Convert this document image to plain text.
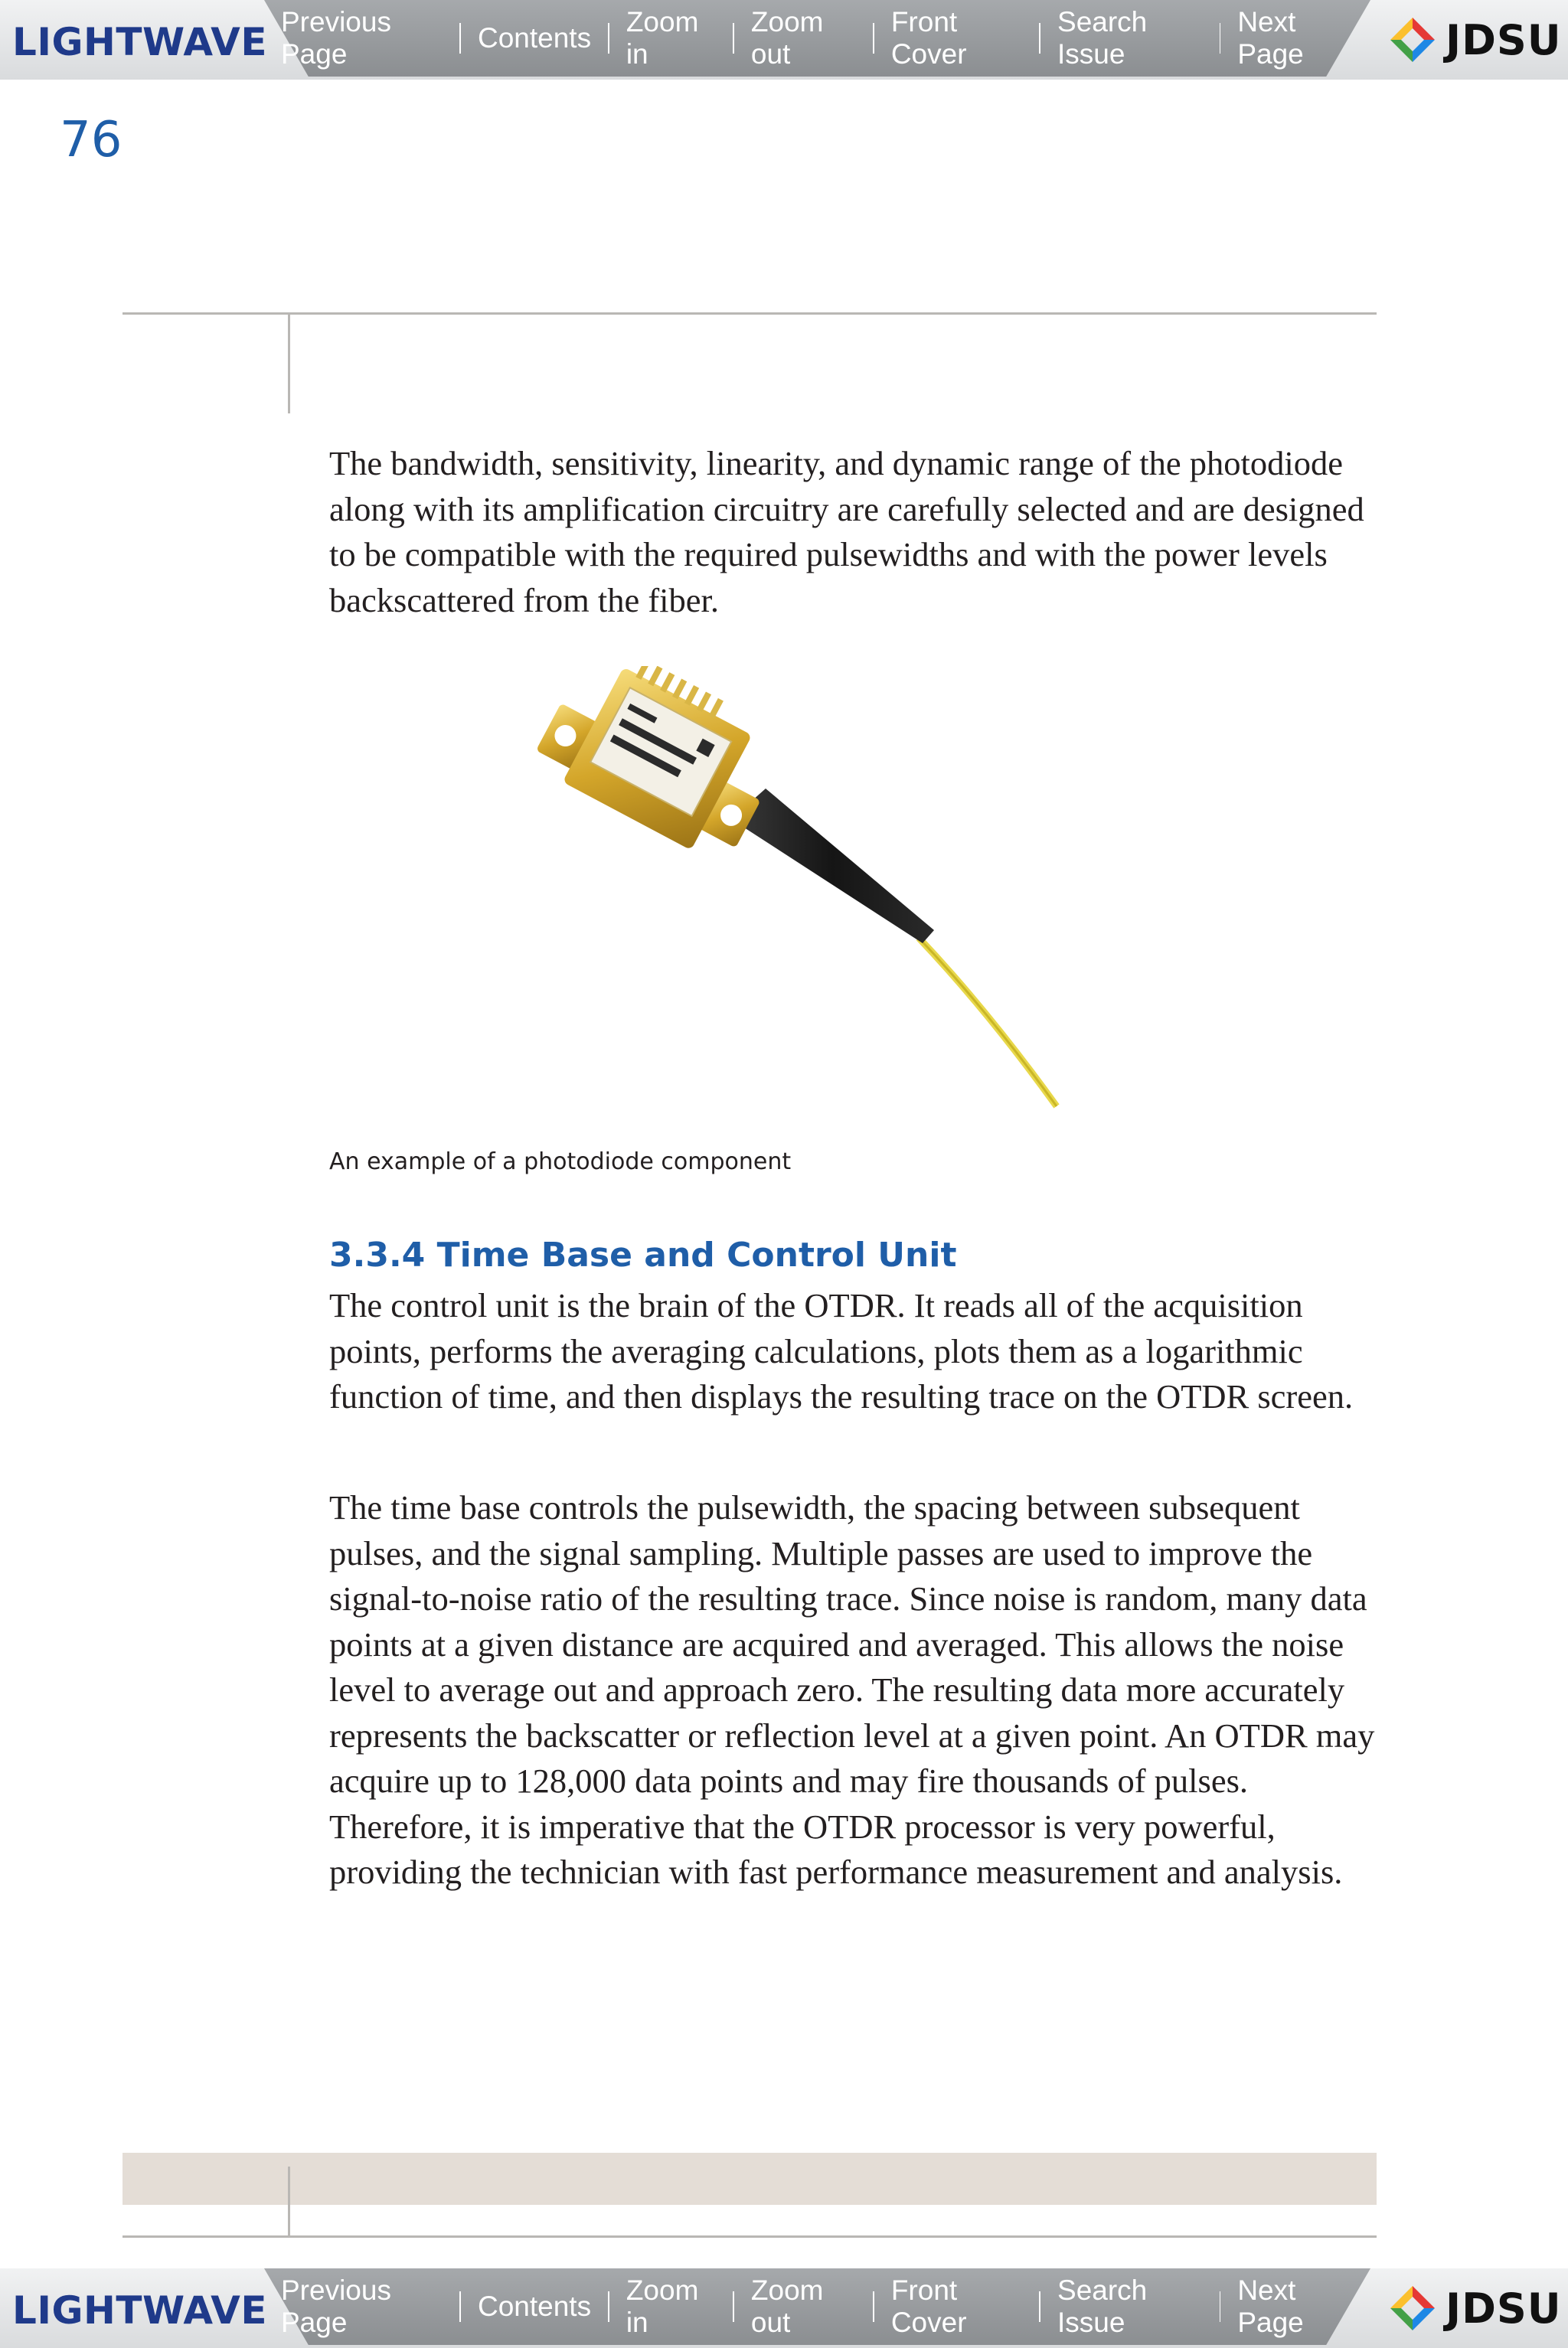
LIGHTWAVE Previous Page
Contents
Zoom in
Zoom out
Front Cover
Search Issue
Next Page	JDSU
76

The bandwidth, sensitivity, linearity, and dynamic range of the photodiode along with its amplification circuitry are carefully selected and are designed to be compatible with the required pulsewidths and with the power levels backscattered from the fiber.

An example of a photodiode component
3.3.4 Time Base and Control Unit

The control unit is the brain of the OTDR. It reads all of the acquisition points, performs the averaging calculations, plots them as a logarithmic function of time, and then displays the resulting trace on the OTDR screen.

The time base controls the pulsewidth, the spacing between subsequent pulses, and the signal sampling. Multiple passes are used to improve the signal-to-noise ratio of the resulting trace. Since noise is random, many data points at a given distance are acquired and averaged. This allows the noise level to average out and approach zero. The resulting data more accurately represents the backscatter or reflection level at a given point. An OTDR may acquire up to 128,000 data points and may fire thousands of pulses. Therefore, it is imperative that the OTDR processor is very powerful, providing the technician with fast performance measurement and analysis.

LIGHTWAVE Previous Page
Contents
Zoom in
Zoom out
Front Cover
Search Issue
Next Page	JDSU
